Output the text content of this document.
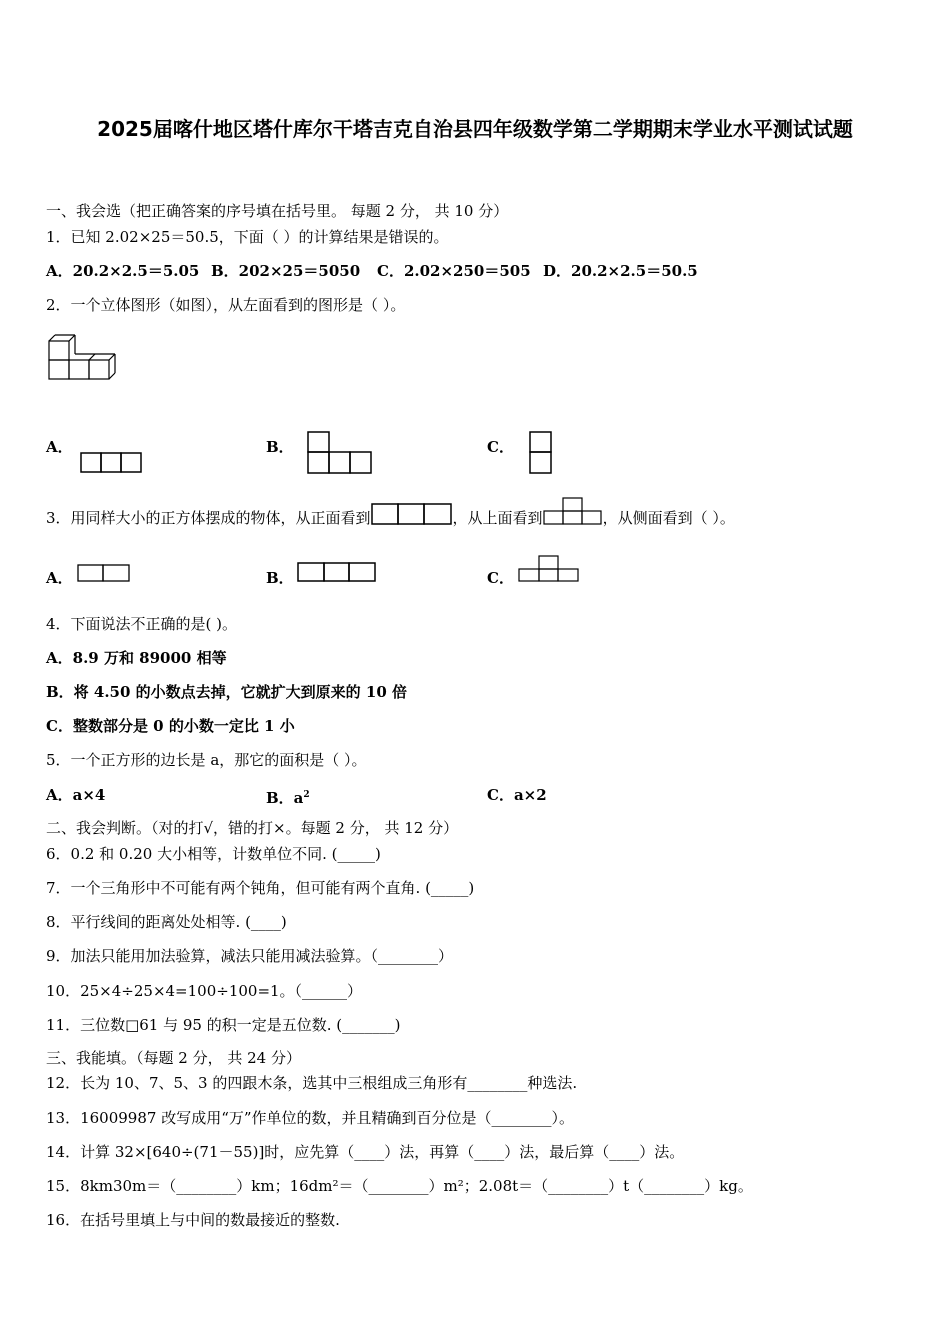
2025届喀什地区塔什库尔干塔吉克自治县四年级数学第二学期期末学业水平测试试题
一、我会选（把正确答案的序号填在括号里。 每题 2 分， 共 10 分）
1．已知 2.02×25＝50.5，下面（ ）的计算结果是错误的。
A．20.2×2.5＝5.05 B．202×25＝5050 C．2.02×250＝505 D．20.2×2.5＝50.5
2．一个立体图形（如图），从左面看到的图形是（ ）。
A．	B．	C．
3．用同样大小的正方体摆成的物体，从正面看到	，从上面看到	，从侧面看到（ ）。
A．	B．	C．
4．下面说法不正确的是( )。
A．8.9 万和 89000 相等
B．将 4.50 的小数点去掉，它就扩大到原来的 10 倍
C．整数部分是 0 的小数一定比 1 小
5．一个正方形的边长是 a，那它的面积是（ ）。
A．a×4	B．$a^2$	C．a×2
二、我会判断。（对的打√，错的打×。每题 2 分， 共 12 分）
6．0.2 和 0.20 大小相等，计数单位不同. (_____)
7．一个三角形中不可能有两个钝角，但可能有两个直角. (_____)
8．平行线间的距离处处相等. (____)
9．加法只能用加法验算，减法只能用减法验算。（________）
10．25×4÷25×4=100÷100=1。（______）
11．三位数□61 与 95 的积一定是五位数. (_______)
三、我能填。（每题 2 分， 共 24 分）
12．长为 10、7、5、3 的四跟木条，选其中三根组成三角形有________种选法.
13．16009987 改写成用“万”作单位的数，并且精确到百分位是（________）。
14．计算 32×[640÷(71－55)]时，应先算（____）法，再算（____）法，最后算（____）法。
15．8km30m＝（________）km；16dm²＝（________）m²；2.08t＝（________）t（________）kg。
16．在括号里填上与中间的数最接近的整数.
